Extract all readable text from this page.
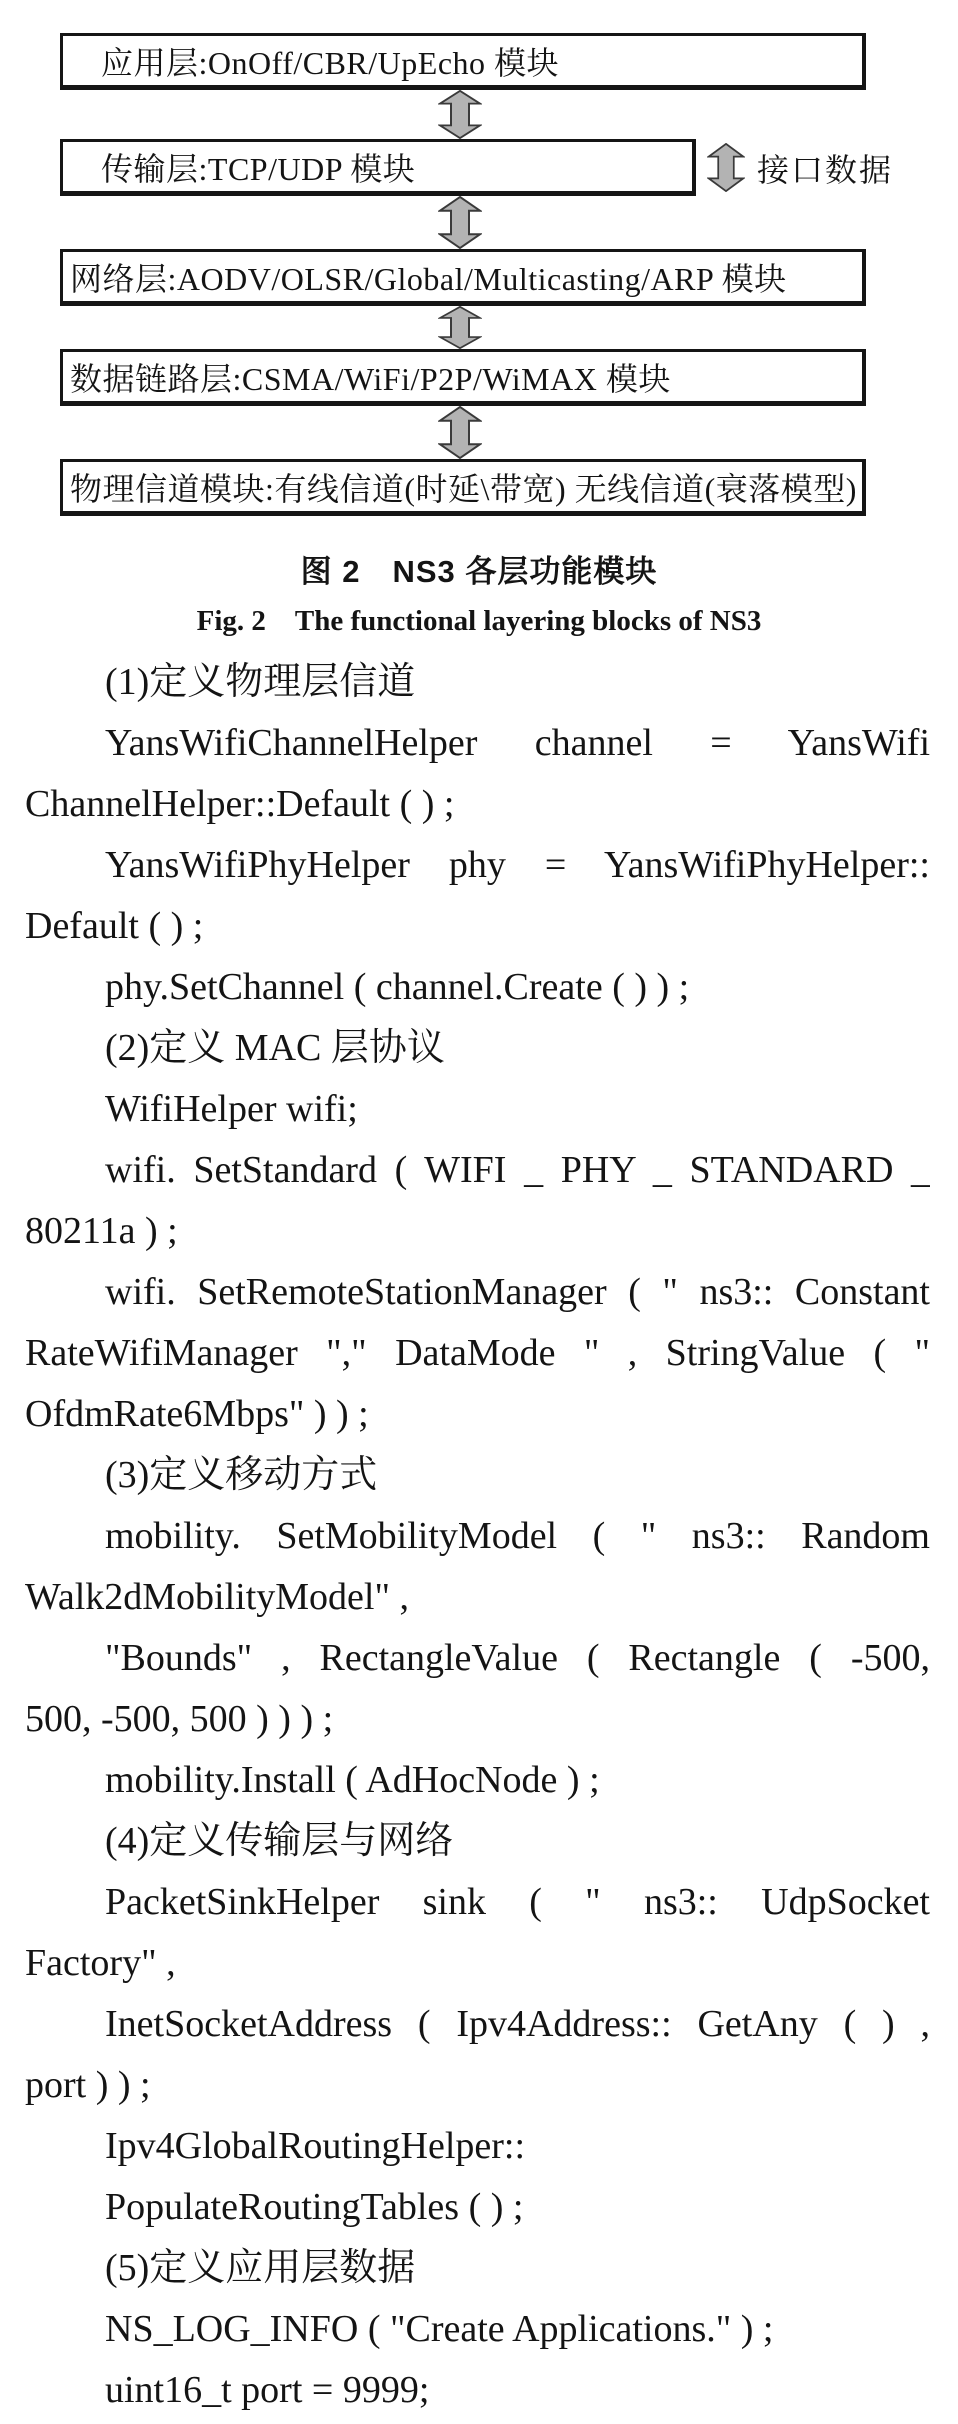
应用层:OnOff/CBR/UpEcho 模块
传输层:TCP/UDP 模块	接口数据
网络层:AODV/OLSR/Global/Multicasting/ARP 模块
数据链路层:CSMA/WiFi/P2P/WiMAX 模块
物理信道模块:有线信道(时延\带宽) 无线信道(衰落模型)
图 2　NS3 各层功能模块
Fig. 2　The functional layering blocks of NS3
(1)定义物理层信道
YansWifiChannelHelper channel = YansWifi
ChannelHelper::Default ( ) ;
YansWifiPhyHelper phy = YansWifiPhyHelper::
Default ( ) ;
phy.SetChannel ( channel.Create ( ) ) ;
(2)定义 MAC 层协议
WifiHelper wifi;
wifi. SetStandard ( WIFI _ PHY _ STANDARD _
80211a ) ;
wifi. SetRemoteStationManager ( " ns3:: Constant
RateWifiManager "," DataMode " , StringValue ( "
OfdmRate6Mbps" ) ) ;
(3)定义移动方式
mobility. SetMobilityModel ( " ns3:: Random
Walk2dMobilityModel" ,
"Bounds" , RectangleValue ( Rectangle ( -500,
500, -500, 500 ) ) ) ;
mobility.Install ( AdHocNode ) ;
(4)定义传输层与网络
PacketSinkHelper sink ( " ns3:: UdpSocket
Factory" ,
InetSocketAddress ( Ipv4Address:: GetAny ( ) ,
port ) ) ;
Ipv4GlobalRoutingHelper::
PopulateRoutingTables ( ) ;
(5)定义应用层数据
NS_LOG_INFO ( "Create Applications." ) ;
uint16_t port = 9999;
